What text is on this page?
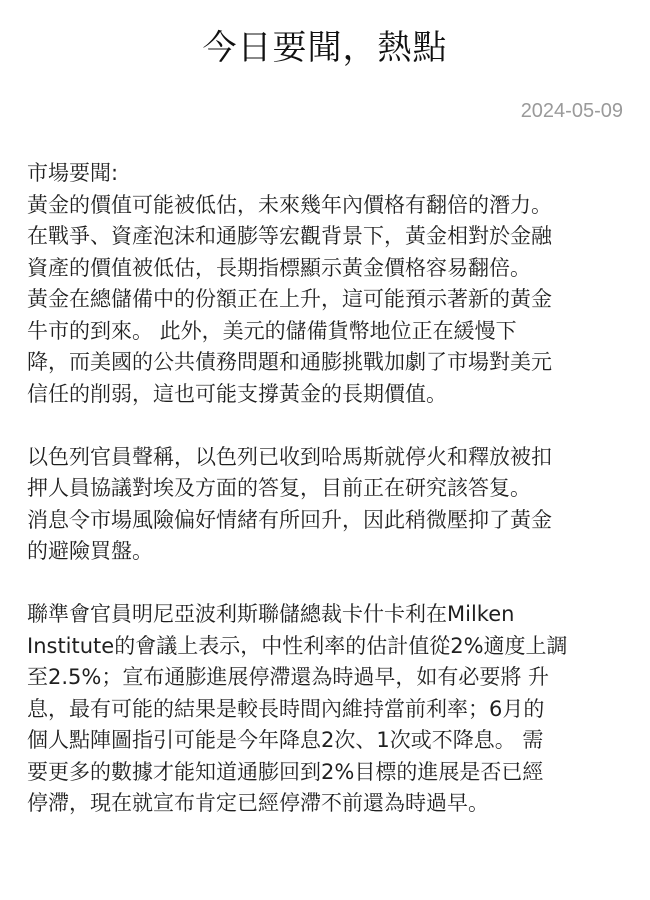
今日要聞，熱點
2024-05-09
市場要聞:
黃金的價值可能被低估，未來幾年內價格有翻倍的潛力。
在戰爭、資產泡沫和通膨等宏觀背景下，黃金相對於金融
資產的價值被低估，長期指標顯示黃金價格容易翻倍。
黃金在總儲備中的份額正在上升，這可能預示著新的黃金
牛市的到來。 此外，美元的儲備貨幣地位正在緩慢下
降，而美國的公共債務問題和通膨挑戰加劇了市場對美元
信任的削弱，這也可能支撐黃金的長期價值。
以色列官員聲稱，以色列已收到哈馬斯就停火和釋放被扣
押人員協議對埃及方面的答复，目前正在研究該答复。
消息令市場風險偏好情緒有所回升，因此稍微壓抑了黃金
的避險買盤。
聯準會官員明尼亞波利斯聯儲總裁卡什卡利在Milken
Institute的會議上表示，中性利率的估計值從2%適度上調
至2.5%；宣布通膨進展停滯還為時過早，如有必要將 升
息，最有可能的結果是較長時間內維持當前利率；6月的
個人點陣圖指引可能是今年降息2次、1次或不降息。 需
要更多的數據才能知道通膨回到2%目標的進展是否已經
停滯，現在就宣布肯定已經停滯不前還為時過早。
